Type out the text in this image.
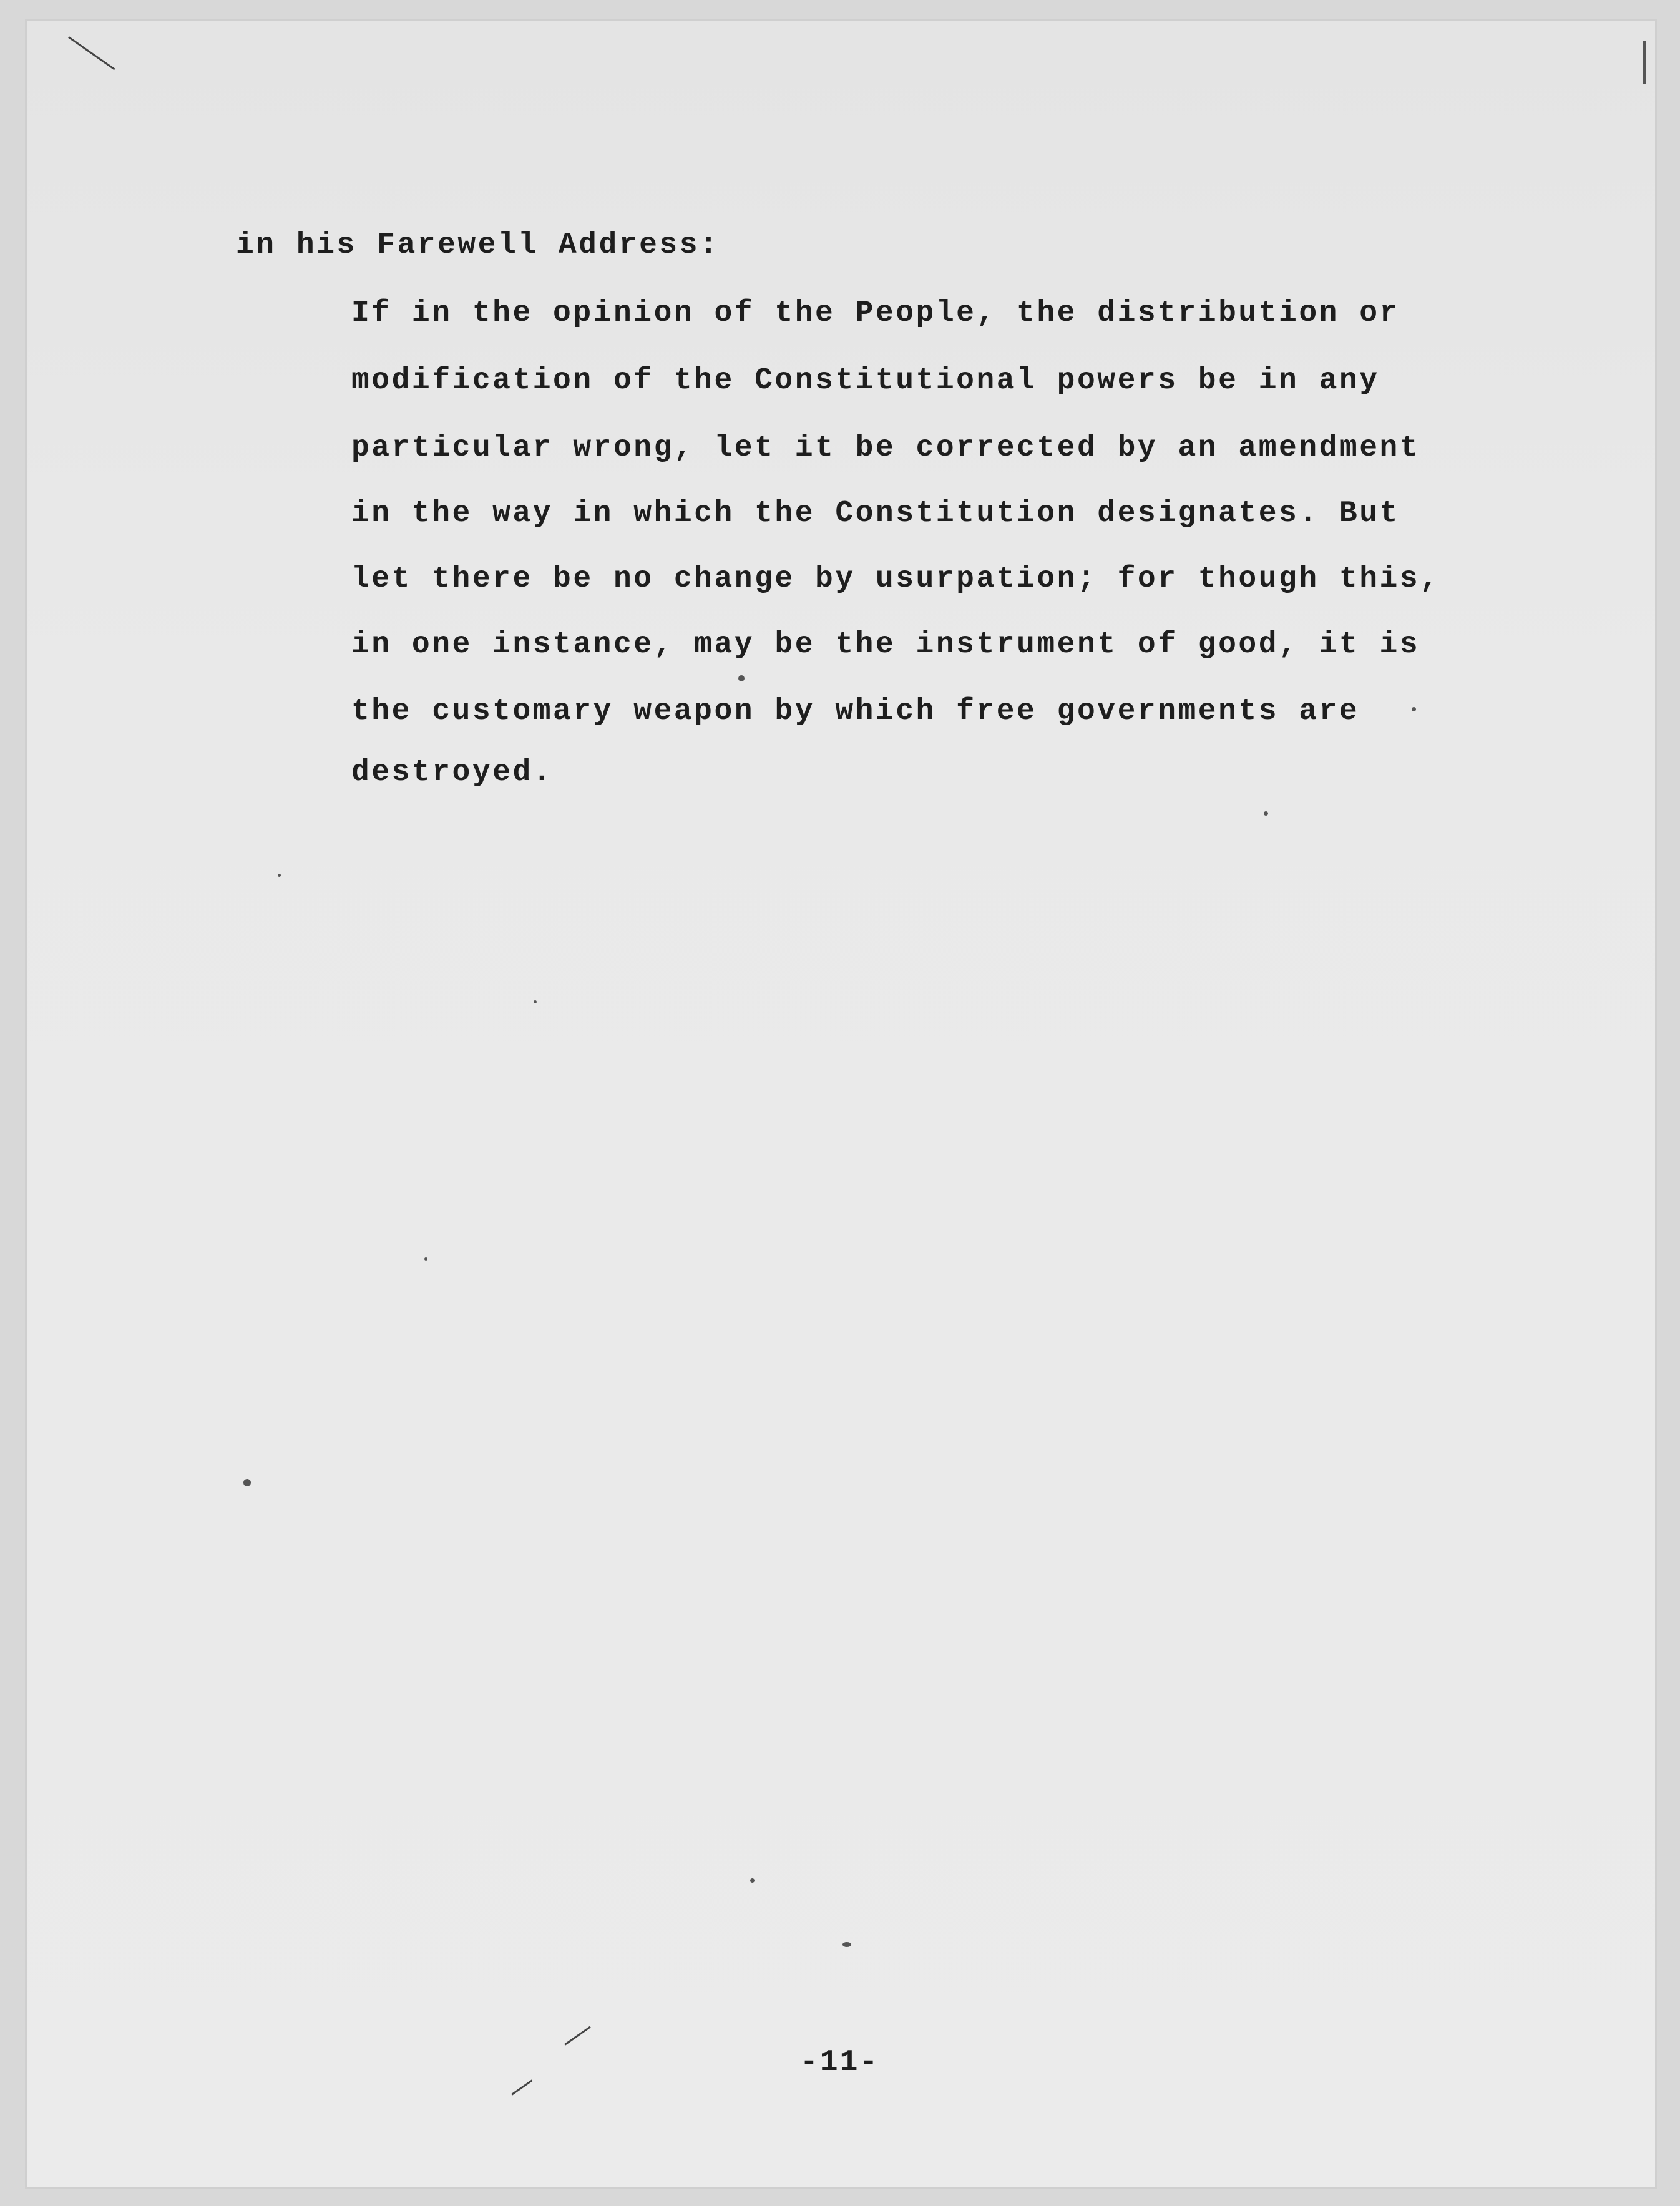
in his Farewell Address:
If in the opinion of the People, the distribution or
modification of the Constitutional powers be in any
particular wrong, let it be corrected by an amendment
in the way in which the Constitution designates. But
let there be no change by usurpation; for though this,
in one instance, may be the instrument of good, it is
the customary weapon by which free governments are
destroyed.
-11-
